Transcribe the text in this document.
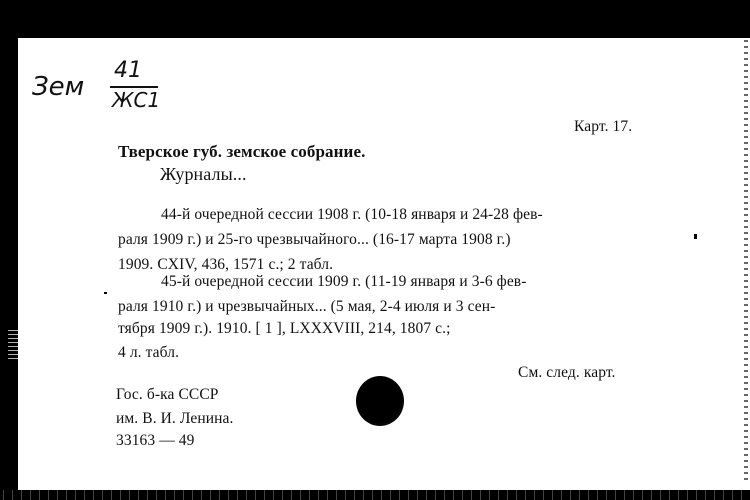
Зем
41
ЖС1
Карт. 17.
Тверское губ. земское собрание.
Журналы...
44-й очередной сессии 1908 г. (10-18 января и 24-28 фев-
раля 1909 г.) и 25-го чрезвычайного... (16-17 марта 1908 г.)
1909. CXIV, 436, 1571 с.; 2 табл.
45-й очередной сессии 1909 г. (11-19 января и 3-6 фев-
раля 1910 г.) и чрезвычайных... (5 мая, 2-4 июля и 3 сен-
тября 1909 г.). 1910. [ 1 ], LXXXVIII, 214, 1807 с.;
4 л. табл.
См. след. карт.
Гос. б-ка СССР
им. В. И. Ленина.
33163 — 49
